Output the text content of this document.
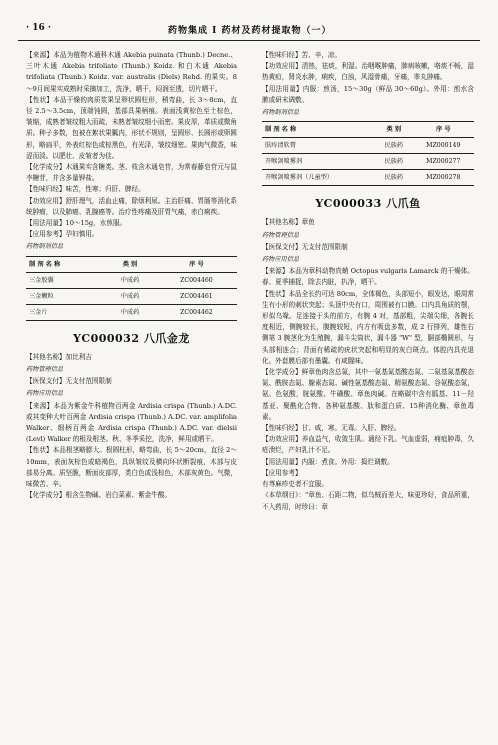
· 16 ·	药物集成 I 药材及药材提取物（一）

【来源】本品为植物木通科木通 Akebia puinata (Thunb.) Decne.、三叶木通 Akebia trifoliate (Thunb.) Koidz. 和白木通 Akebia trifoliata (Thunb.) Koidz. var. australis (Diels) Rehd. 的果实。8～9月间果实成熟时采摘加工，洗净，晒干，闷润至透，切片晒干。

【性状】本品干燥的肉质浆果呈卵状圆柱形，稍弯曲，长 3～8cm，直径 2.5～3.5cm，顶端钝圆，基部具果柄痕。表面浅黄棕色至土棕色，皱缩，成熟者皱纹粗大而疏，未熟者皱纹细小而密。果皮厚，革质或微角质。种子多数，包被在絮状果瓤内，形状不规则，呈圆形、长圆形或卵圆形，略扁平，外表红棕色或棕黑色，有光泽，皱纹细密。果肉气微香，味涩而淡。以肥壮、皮皱者为佳。

【化学成分】木通果实含糖类。茎、枝含木通皂苷，为常春藤皂苷元与鼠李糖苷，并含多量钾盐。

【性味归经】味苦，性寒；归肝、脾经。

【功效应用】舒肝理气，活血止痛，除烦利尿。主治肝痛、胃肠等消化系统肿瘤，以及肺癌、乳腺癌等。治疗性疼痛及肝胃气痛，赤白痢疾。

【用法用量】10～15g，水煎服。

【应用参考】孕妇慎用。

药物制剂信息
制 剂 名 称	类 别	序 号
三金胶囊	中成药	ZC004460
三金颗粒	中成药	ZC004461
三金片	中成药	ZC004462
YC000032 八爪金龙

【其他名称】加比利吉

药物管理信息

【医保支付】无支付范围限制

药物应用信息

【来源】本品为紫金牛科植物百两金 Ardisia crispa (Thunb.) A.DC. 或其变种大叶百两金 Ardisia crispa (Thunb.) A.DC. var. amplifolia Walker、细柄百两金 Ardisia crispa (Thunb.) A.DC. var. dielsii (Levl) Walker 的根及根茎。秋、冬季采挖，洗净，鲜用或晒干。

【性状】本品根茎略膨大。根圆柱形，略弯曲，长 5～20cm，直径 2～10mm，表面灰棕色或暗褐色，具纵皱纹及横向环状断裂痕，木部与皮部易分离。质坚脆，断面皮部厚，类白色或浅棕色，木部灰黄色。气微，味微苦、辛。

【化学成分】根含生物碱、岩白菜素、紫金牛酸。

【性味归经】苦、辛，凉。

【功效应用】清热，祛痰，利湿。治咽喉肿痛，肺病咳嗽，咯痰不畅，湿热黄疸，肾炎水肿，痢疾，白浊，风湿骨痛，牙痛，睾丸肿痛。

【用法用量】内服：煎汤，15～30g（鲜品 30～60g）。外用：煎水含漱或研末调敷。

药物制剂信息
制 剂 名 称	类 别	序 号
肤痔清软膏	民族药	MZ000149
开喉剑喷雾剂	民族药	MZ000277
开喉剑喷雾剂（儿童型）	民族药	MZ000278
YC000033 八爪鱼

【其他名称】章鱼

药物管理信息

【医保支付】无支付范围限制

药物应用信息

【来源】本品为章科动物真蛸 Octopus vulgaris Lamarck 的干燥体。春、夏季捕捉，除去内脏，扒净，晒干。

【性状】本品全长约可达 80cm，全体褐色，头部短小，眼发达，眼周常生有小形的刺状突起；头顶中央有口，周围被有口膜。口内具角质的颚，形似乌喙。足连接于头的前方，有腕 4 对，基部粗，尖端尖细，各腕长度相近，侧腕较长，腹腕较短，内方有吸盘多数，成 2 行排列，雄性右侧第 3 腕茎化为生殖腕，漏斗尖筒状，漏斗器 "W" 型，胴部椭圆形，与头部相连合；背面有稀疏的疣状突起和明显的灰白斑点。体腔内具壳退化。外套膜后部有墨囊。有咸腥味。

【化学成分】鲜章鱼肉含总氮，其中一氨基氮基酸态氮、二氨基氮基酸态氮、酰胺态氮、腺素态氮、碱性氨基酸态氮、精氨酸态氮、谷氨酸态氮，氨、色氨酸，胱氨酸、牛磺酸、章鱼肉碱。在略碳中含有胍基、11－羟基亚、聚酰化合物、各种氨基酸、肽和蛋白质、15种消化酶、章鱼毒素。

【性味归经】甘、咸，寒。无毒。入肝、脾经。

【功效应用】养血益气，收敛生肌。通经下乳。气血虚弱，痈疽肿毒，久疮溃烂，产妇乳汁不足。

【用法用量】内服：煮食。外用：捣烂调敷。

【应用参考】

有荨麻疹史者不宜服。

《本草纲目》："章鱼、石距二物，似乌贼而差大，味更珍好，食品所重，不入药用，时珍曰：章
